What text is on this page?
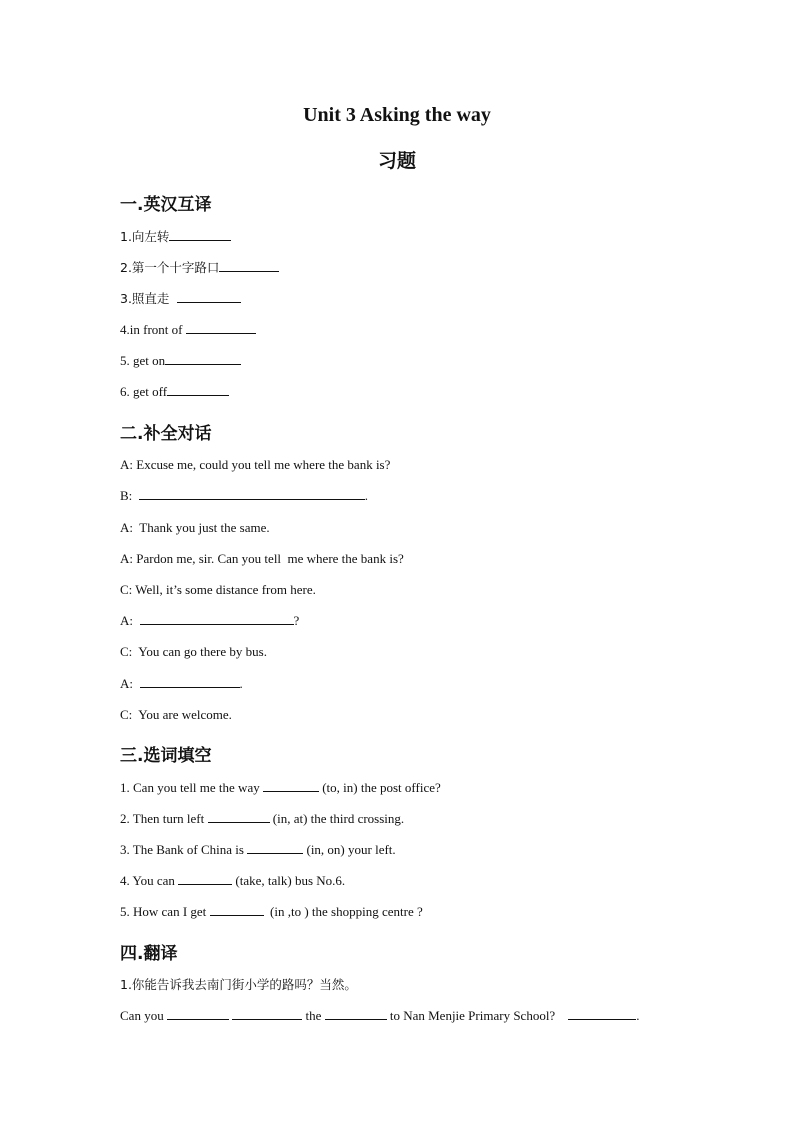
Unit 3 Asking the way
习题
一.英汉互译
1.向左转
2.第一个十字路口
3.照直走
4.in front of
5. get on
6. get off
二.补全对话
A: Excuse me, could you tell me where the bank is?
B:	.
A:  Thank you just the same.
A: Pardon me, sir. Can you tell  me where the bank is?
C: Well, it’s some distance from here.
A:	?
C:  You can go there by bus.
A:	.
C:  You are welcome.
三.选词填空
1. Can you tell me the way	(to, in) the post office?
2. Then turn left	(in, at) the third crossing.
3. The Bank of China is	(in, on) your left.
4. You can	(take, talk) bus No.6.
5. How can I get	(in ,to ) the shopping centre ?
四.翻译
1.你能告诉我去南门街小学的路吗？当然。
Can you	the	to Nan Menjie Primary School?	.
